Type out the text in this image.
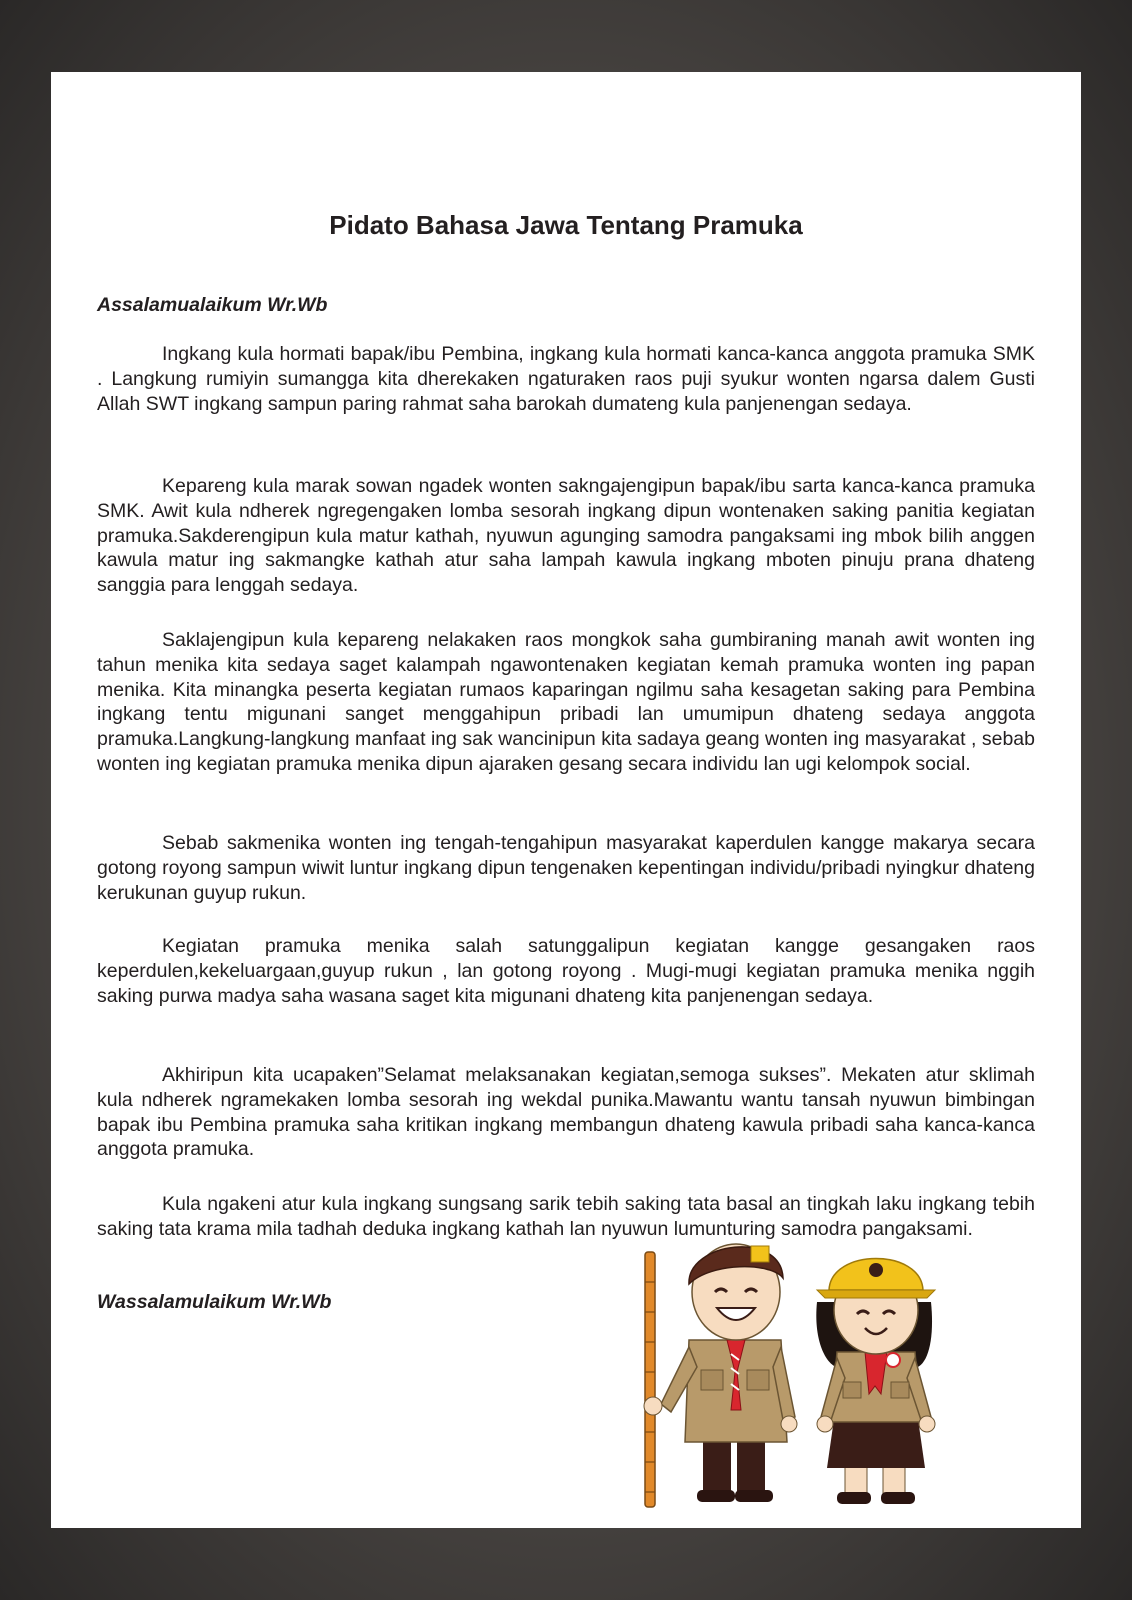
Pidato Bahasa Jawa Tentang Pramuka
Assalamualaikum Wr.Wb

Ingkang kula hormati bapak/ibu Pembina, ingkang kula hormati kanca-kanca anggota pramuka SMK . Langkung rumiyin sumangga kita dherekaken ngaturaken raos puji syukur wonten ngarsa dalem Gusti Allah SWT ingkang sampun paring rahmat saha barokah dumateng kula panjenengan sedaya.

Kepareng kula marak sowan ngadek wonten sakngajengipun bapak/ibu sarta kanca-kanca pramuka SMK. Awit kula ndherek ngregengaken lomba sesorah ingkang dipun wontenaken saking panitia kegiatan pramuka.Sakderengipun kula matur kathah, nyuwun agunging samodra pangaksami ing mbok bilih anggen kawula matur ing sakmangke kathah atur saha lampah kawula ingkang mboten pinuju prana dhateng sanggia para lenggah sedaya.

Saklajengipun kula kepareng nelakaken raos mongkok saha gumbiraning manah awit wonten ing tahun menika kita sedaya saget kalampah ngawontenaken kegiatan kemah pramuka wonten ing papan menika. Kita minangka peserta kegiatan rumaos kaparingan ngilmu saha kesagetan saking para Pembina ingkang tentu migunani sanget menggahipun pribadi lan umumipun dhateng sedaya anggota pramuka.Langkung-langkung manfaat ing sak wancinipun kita sadaya geang wonten ing masyarakat , sebab wonten ing kegiatan pramuka menika dipun ajaraken gesang secara individu lan ugi kelompok social.

Sebab sakmenika wonten ing tengah-tengahipun masyarakat kaperdulen kangge makarya secara gotong royong sampun wiwit luntur ingkang dipun tengenaken kepentingan individu/pribadi nyingkur dhateng kerukunan guyup rukun.

Kegiatan pramuka menika salah satunggalipun kegiatan kangge gesangaken raos keperdulen,kekeluargaan,guyup rukun , lan gotong royong . Mugi-mugi kegiatan pramuka menika nggih saking purwa madya saha wasana saget kita migunani dhateng kita panjenengan sedaya.

Akhiripun kita ucapaken”Selamat melaksanakan kegiatan,semoga sukses”. Mekaten atur sklimah kula ndherek ngramekaken lomba sesorah ing wekdal punika.Mawantu wantu tansah nyuwun bimbingan bapak ibu Pembina pramuka saha kritikan ingkang membangun dhateng kawula pribadi saha kanca-kanca anggota pramuka.

Kula ngakeni atur kula ingkang sungsang sarik tebih saking tata basal an tingkah laku ingkang tebih saking tata krama mila tadhah deduka ingkang kathah lan nyuwun lumunturing samodra pangaksami.

Wassalamulaikum Wr.Wb
